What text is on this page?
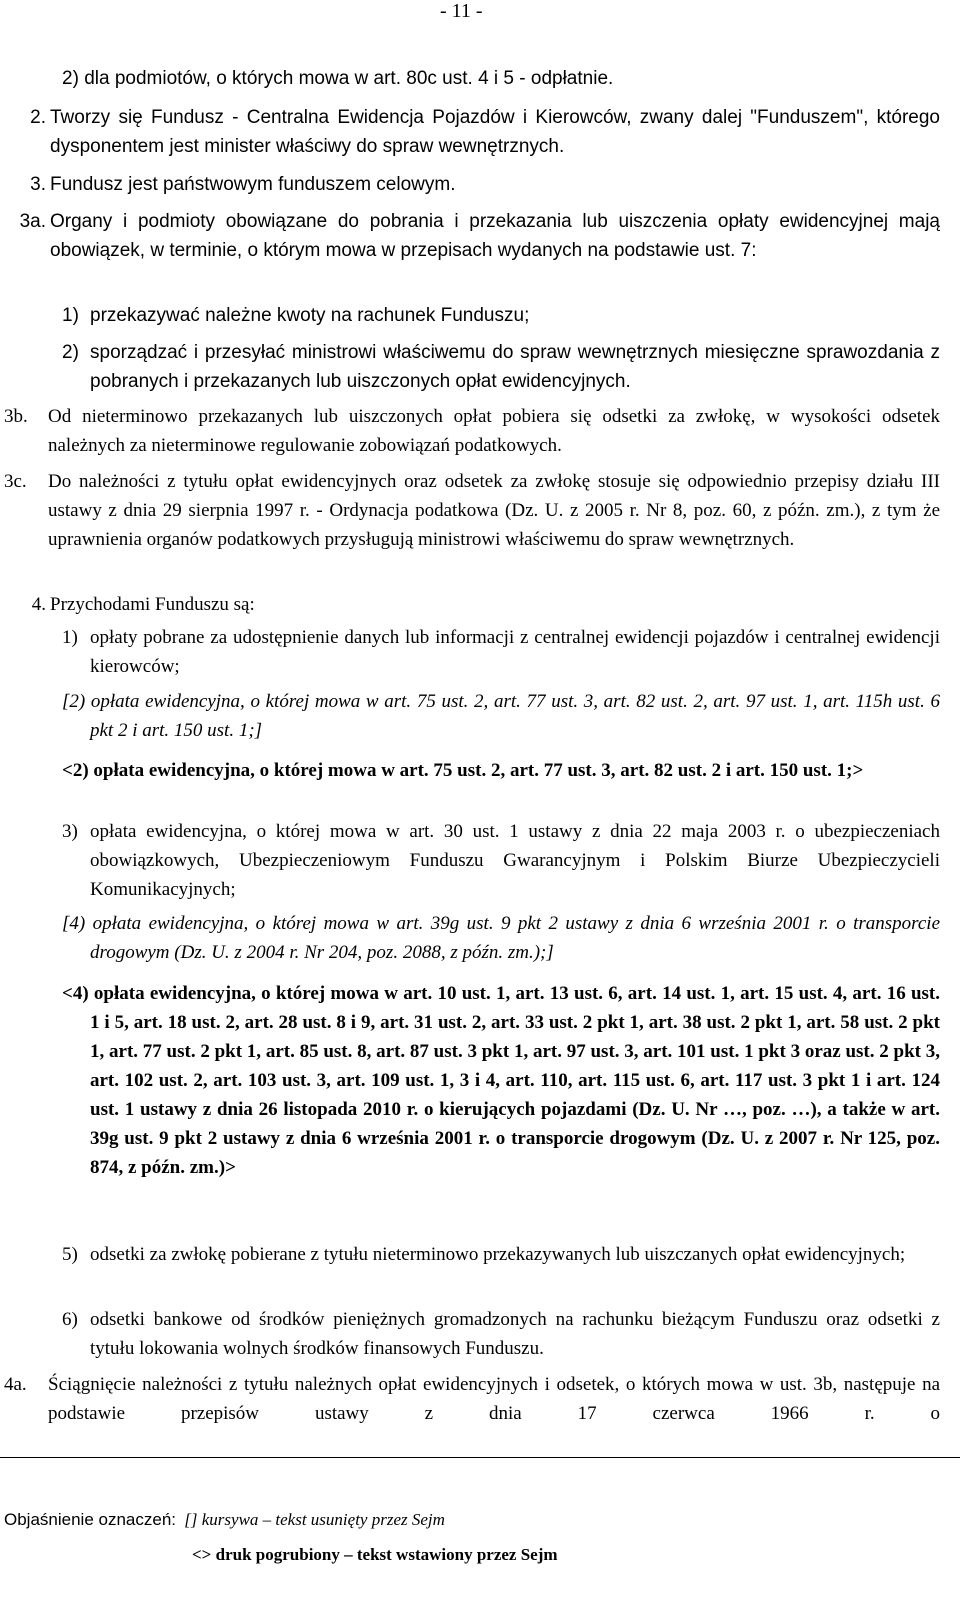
- 11 -
2) dla podmiotów, o których mowa w art. 80c ust. 4 i 5 - odpłatnie.
2. Tworzy się Fundusz - Centralna Ewidencja Pojazdów i Kierowców, zwany dalej "Funduszem", którego dysponentem jest minister właściwy do spraw wewnętrznych.
3. Fundusz jest państwowym funduszem celowym.
3a. Organy i podmioty obowiązane do pobrania i przekazania lub uiszczenia opłaty ewidencyjnej mają obowiązek, w terminie, o którym mowa w przepisach wydanych na podstawie ust. 7:
1) przekazywać należne kwoty na rachunek Funduszu;
2) sporządzać i przesyłać ministrowi właściwemu do spraw wewnętrznych miesięczne sprawozdania z pobranych i przekazanych lub uiszczonych opłat ewidencyjnych.
3b. Od nieterminowo przekazanych lub uiszczonych opłat pobiera się odsetki za zwłokę, w wysokości odsetek należnych za nieterminowe regulowanie zobowiązań podatkowych.
3c. Do należności z tytułu opłat ewidencyjnych oraz odsetek za zwłokę stosuje się odpowiednio przepisy działu III ustawy z dnia 29 sierpnia 1997 r. - Ordynacja podatkowa (Dz. U. z 2005 r. Nr 8, poz. 60, z późn. zm.), z tym że uprawnienia organów podatkowych przysługują ministrowi właściwemu do spraw wewnętrznych.
4. Przychodami Funduszu są:
1) opłaty pobrane za udostępnienie danych lub informacji z centralnej ewidencji pojazdów i centralnej ewidencji kierowców;
[2) opłata ewidencyjna, o której mowa w art. 75 ust. 2, art. 77 ust. 3, art. 82 ust. 2, art. 97 ust. 1, art. 115h ust. 6 pkt 2 i art. 150 ust. 1;]
<2) opłata ewidencyjna, o której mowa w art. 75 ust. 2, art. 77 ust. 3, art. 82 ust. 2 i art. 150 ust. 1;>
3) opłata ewidencyjna, o której mowa w art. 30 ust. 1 ustawy z dnia 22 maja 2003 r. o ubezpieczeniach obowiązkowych, Ubezpieczeniowym Funduszu Gwarancyjnym i Polskim Biurze Ubezpieczycieli Komunikacyjnych;
[4) opłata ewidencyjna, o której mowa w art. 39g ust. 9 pkt 2 ustawy z dnia 6 września 2001 r. o transporcie drogowym (Dz. U. z 2004 r. Nr 204, poz. 2088, z późn. zm.);]
<4) opłata ewidencyjna, o której mowa w art. 10 ust. 1, art. 13 ust. 6, art. 14 ust. 1, art. 15 ust. 4, art. 16 ust. 1 i 5, art. 18 ust. 2, art. 28 ust. 8 i 9, art. 31 ust. 2, art. 33 ust. 2 pkt 1, art. 38 ust. 2 pkt 1, art. 58 ust. 2 pkt 1, art. 77 ust. 2 pkt 1, art. 85 ust. 8, art. 87 ust. 3 pkt 1, art. 97 ust. 3, art. 101 ust. 1 pkt 3 oraz ust. 2 pkt 3, art. 102 ust. 2, art. 103 ust. 3, art. 109 ust. 1, 3 i 4, art. 110, art. 115 ust. 6, art. 117 ust. 3 pkt 1 i art. 124 ust. 1 ustawy z dnia 26 listopada 2010 r. o kierujących pojazdami (Dz. U. Nr …, poz. …), a także w art. 39g ust. 9 pkt 2 ustawy z dnia 6 września 2001 r. o transporcie drogowym (Dz. U. z 2007 r. Nr 125, poz. 874, z późn. zm.)>
5) odsetki za zwłokę pobierane z tytułu nieterminowo przekazywanych lub uiszczanych opłat ewidencyjnych;
6) odsetki bankowe od środków pieniężnych gromadzonych na rachunku bieżącym Funduszu oraz odsetki z tytułu lokowania wolnych środków finansowych Funduszu.
4a. Ściągnięcie należności z tytułu należnych opłat ewidencyjnych i odsetek, o których mowa w ust. 3b, następuje na podstawie przepisów ustawy z dnia 17 czerwca 1966 r. o
Objaśnienie oznaczeń: [] kursywa – tekst usunięty przez Sejm
<> druk pogrubiony – tekst wstawiony przez Sejm
